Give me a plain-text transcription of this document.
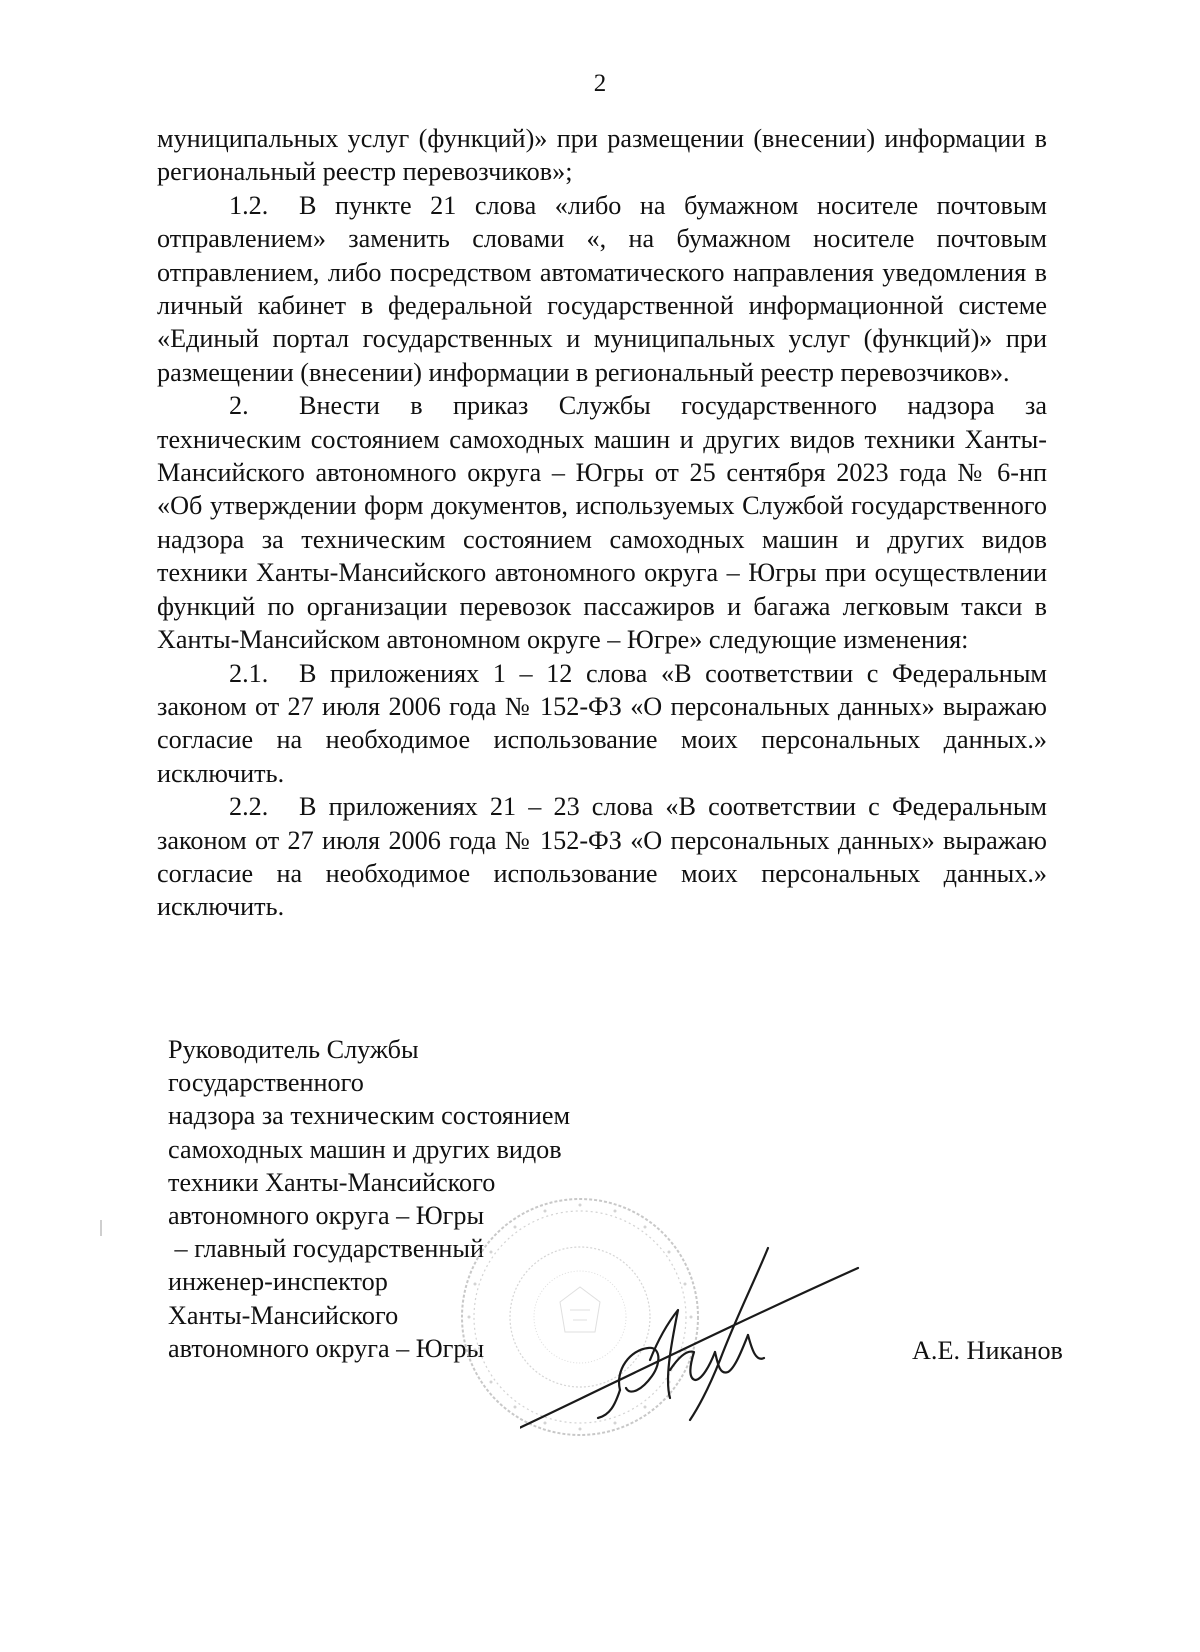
2

муниципальных услуг (функций)» при размещении (внесении) информации в региональный реестр перевозчиков»;

1.2. В пункте 21 слова «либо на бумажном носителе почтовым отправлением» заменить словами «, на бумажном носителе почтовым отправлением, либо посредством автоматического направления уведомления в личный кабинет в федеральной государственной информационной системе «Единый портал государственных и муниципальных услуг (функций)» при размещении (внесении) информации в региональный реестр перевозчиков».

2. Внести в приказ Службы государственного надзора за техническим состоянием самоходных машин и других видов техники Ханты-Мансийского автономного округа – Югры от 25 сентября 2023 года № 6-нп «Об утверждении форм документов, используемых Службой государственного надзора за техническим состоянием самоходных машин и других видов техники Ханты-Мансийского автономного округа – Югры при осуществлении функций по организации перевозок пассажиров и багажа легковым такси в Ханты-Мансийском автономном округе – Югре» следующие изменения:

2.1. В приложениях 1 – 12 слова «В соответствии с Федеральным законом от 27 июля 2006 года № 152-ФЗ «О персональных данных» выражаю согласие на необходимое использование моих персональных данных.» исключить.

2.2. В приложениях 21 – 23 слова «В соответствии с Федеральным законом от 27 июля 2006 года № 152-ФЗ «О персональных данных» выражаю согласие на необходимое использование моих персональных данных.» исключить.

Руководитель Службы
государственного
надзора за техническим состоянием
самоходных машин и других видов
техники Ханты-Мансийского
автономного округа – Югры
– главный государственный
инженер-инспектор
Ханты-Мансийского
автономного округа – Югры	А.Е. Никанов
